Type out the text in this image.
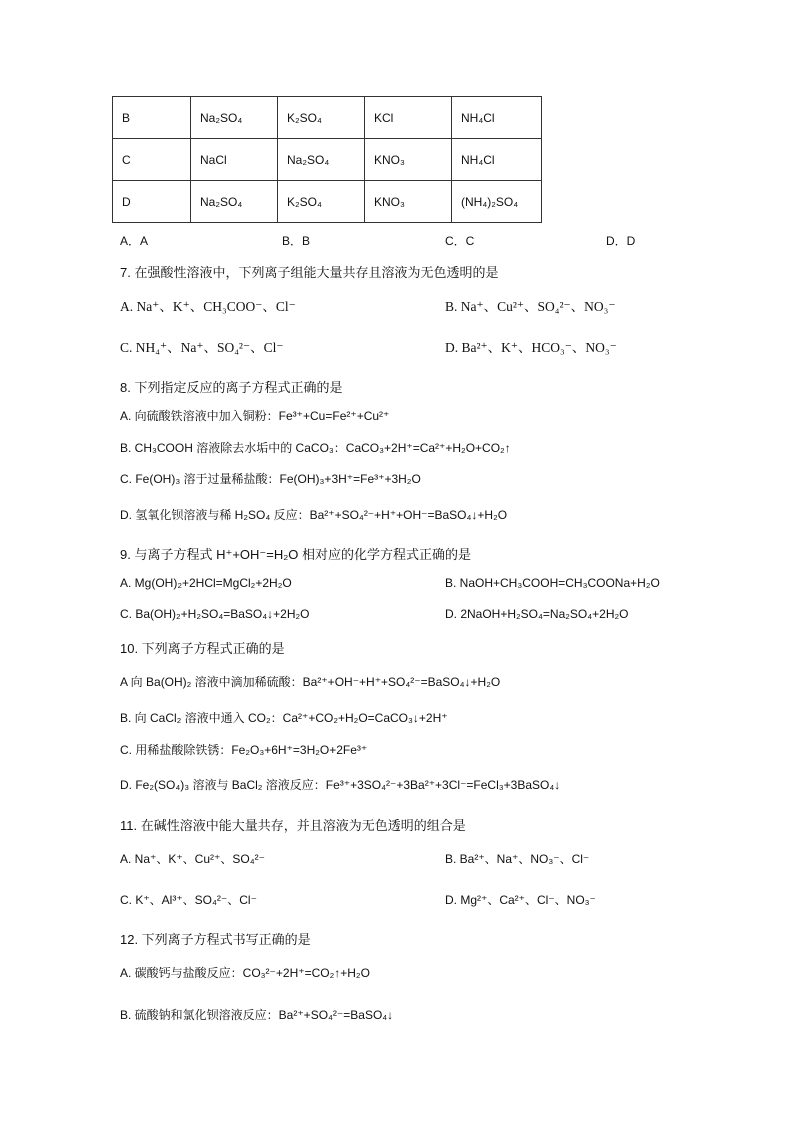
B	Na₂SO₄	K₂SO₄	KCl	NH₄Cl
C	NaCl	Na₂SO₄	KNO₃	NH₄Cl
D	Na₂SO₄	K₂SO₄	KNO₃	(NH₄)₂SO₄
A．A	B．B	C．C	D．D
7. 在强酸性溶液中，下列离子组能大量共存且溶液为无色透明的是
A. Na⁺、K⁺、CH₃COO⁻、Cl⁻	B. Na⁺、Cu²⁺、SO₄²⁻、NO₃⁻
C. NH₄⁺、Na⁺、SO₄²⁻、Cl⁻	D. Ba²⁺、K⁺、HCO₃⁻、NO₃⁻
8. 下列指定反应的离子方程式正确的是
A. 向硫酸铁溶液中加入铜粉：Fe³⁺+Cu=Fe²⁺+Cu²⁺
B. CH₃COOH 溶液除去水垢中的 CaCO₃：CaCO₃+2H⁺=Ca²⁺+H₂O+CO₂↑
C. Fe(OH)₃ 溶于过量稀盐酸：Fe(OH)₃+3H⁺=Fe³⁺+3H₂O
D. 氢氧化钡溶液与稀 H₂SO₄ 反应：Ba²⁺+SO₄²⁻+H⁺+OH⁻=BaSO₄↓+H₂O
9. 与离子方程式 H⁺+OH⁻=H₂O 相对应的化学方程式正确的是
A. Mg(OH)₂+2HCl=MgCl₂+2H₂O	B. NaOH+CH₃COOH=CH₃COONa+H₂O
C. Ba(OH)₂+H₂SO₄=BaSO₄↓+2H₂O	D. 2NaOH+H₂SO₄=Na₂SO₄+2H₂O
10. 下列离子方程式正确的是
A 向 Ba(OH)₂ 溶液中滴加稀硫酸：Ba²⁺+OH⁻+H⁺+SO₄²⁻=BaSO₄↓+H₂O
B. 向 CaCl₂ 溶液中通入 CO₂：Ca²⁺+CO₂+H₂O=CaCO₃↓+2H⁺
C. 用稀盐酸除铁锈：Fe₂O₃+6H⁺=3H₂O+2Fe³⁺
D. Fe₂(SO₄)₃ 溶液与 BaCl₂ 溶液反应：Fe³⁺+3SO₄²⁻+3Ba²⁺+3Cl⁻=FeCl₃+3BaSO₄↓
11. 在碱性溶液中能大量共存，并且溶液为无色透明的组合是
A. Na⁺、K⁺、Cu²⁺、SO₄²⁻	B. Ba²⁺、Na⁺、NO₃⁻、Cl⁻
C. K⁺、Al³⁺、SO₄²⁻、Cl⁻	D. Mg²⁺、Ca²⁺、Cl⁻、NO₃⁻
12. 下列离子方程式书写正确的是
A. 碳酸钙与盐酸反应：CO₃²⁻+2H⁺=CO₂↑+H₂O
B. 硫酸钠和氯化钡溶液反应：Ba²⁺+SO₄²⁻=BaSO₄↓
